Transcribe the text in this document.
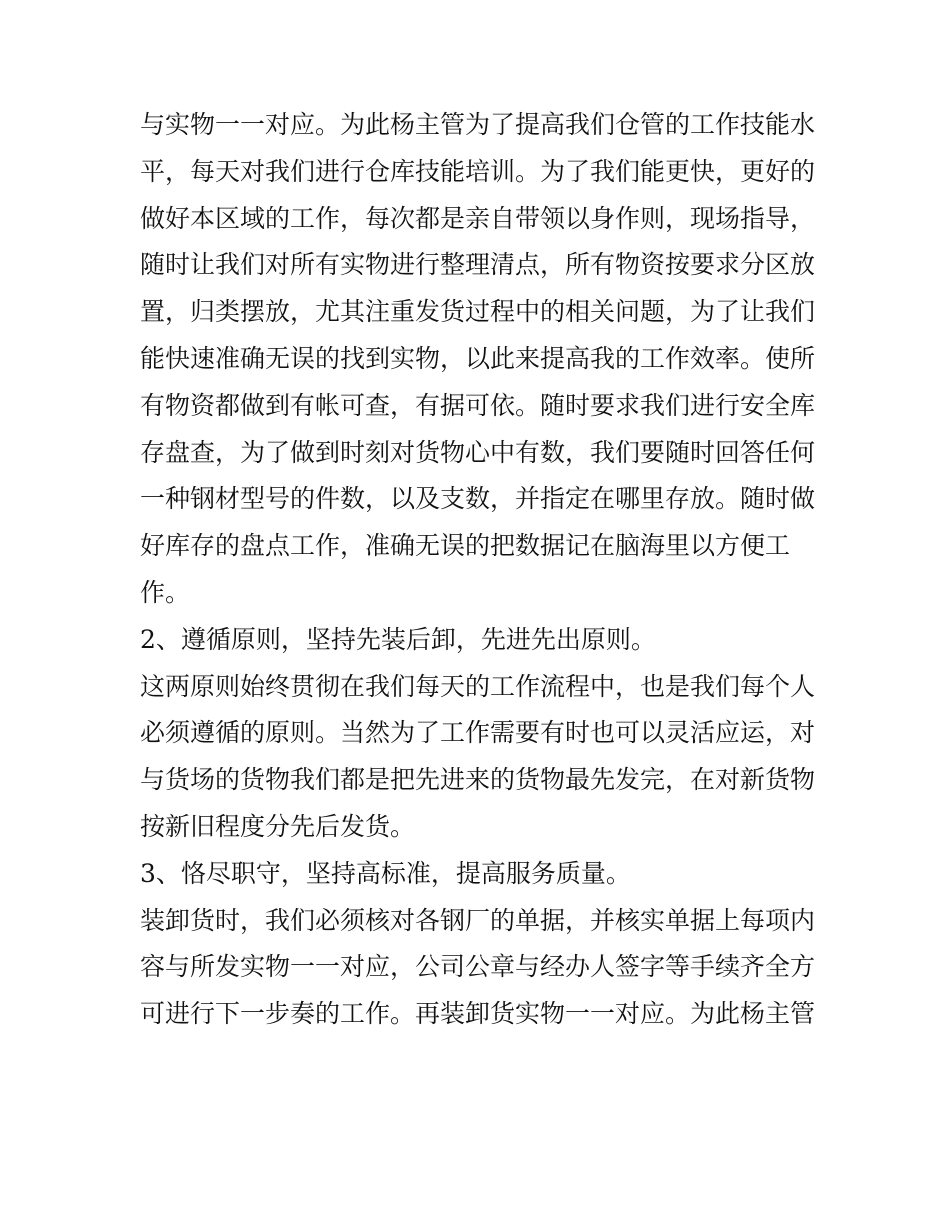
与实物一一对应。为此杨主管为了提高我们仓管的工作技能水
平，每天对我们进行仓库技能培训。为了我们能更快，更好的
做好本区域的工作，每次都是亲自带领以身作则，现场指导，
随时让我们对所有实物进行整理清点，所有物资按要求分区放
置，归类摆放，尤其注重发货过程中的相关问题，为了让我们
能快速准确无误的找到实物，以此来提高我的工作效率。使所
有物资都做到有帐可查，有据可依。随时要求我们进行安全库
存盘查，为了做到时刻对货物心中有数，我们要随时回答任何
一种钢材型号的件数，以及支数，并指定在哪里存放。随时做
好库存的盘点工作，准确无误的把数据记在脑海里以方便工
作。
2、遵循原则，坚持先装后卸，先进先出原则。
这两原则始终贯彻在我们每天的工作流程中，也是我们每个人
必须遵循的原则。当然为了工作需要有时也可以灵活应运，对
与货场的货物我们都是把先进来的货物最先发完，在对新货物
按新旧程度分先后发货。
3、恪尽职守，坚持高标准，提高服务质量。
装卸货时，我们必须核对各钢厂的单据，并核实单据上每项内
容与所发实物一一对应，公司公章与经办人签字等手续齐全方
可进行下一步奏的工作。再装卸货实物一一对应。为此杨主管
